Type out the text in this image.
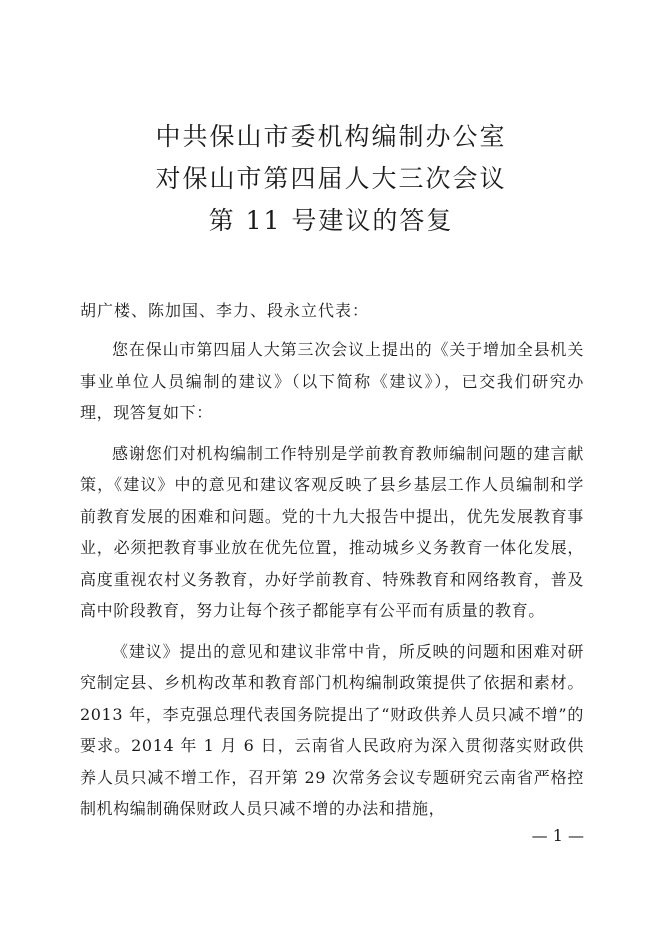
中共保山市委机构编制办公室
对保山市第四届人大三次会议
第 11 号建议的答复
胡广楼、陈加国、李力、段永立代表：

您在保山市第四届人大第三次会议上提出的《关于增加全县机关事业单位人员编制的建议》（以下简称《建议》），已交我们研究办理，现答复如下：

感谢您们对机构编制工作特别是学前教育教师编制问题的建言献策，《建议》中的意见和建议客观反映了县乡基层工作人员编制和学前教育发展的困难和问题。党的十九大报告中提出，优先发展教育事业，必须把教育事业放在优先位置，推动城乡义务教育一体化发展，高度重视农村义务教育，办好学前教育、特殊教育和网络教育，普及高中阶段教育，努力让每个孩子都能享有公平而有质量的教育。

《建议》提出的意见和建议非常中肯，所反映的问题和困难对研究制定县、乡机构改革和教育部门机构编制政策提供了依据和素材。2013 年，李克强总理代表国务院提出了“财政供养人员只减不增”的要求。2014 年 1 月 6 日，云南省人民政府为深入贯彻落实财政供养人员只减不增工作，召开第 29 次常务会议专题研究云南省严格控制机构编制确保财政人员只减不增的办法和措施，

— 1 —
